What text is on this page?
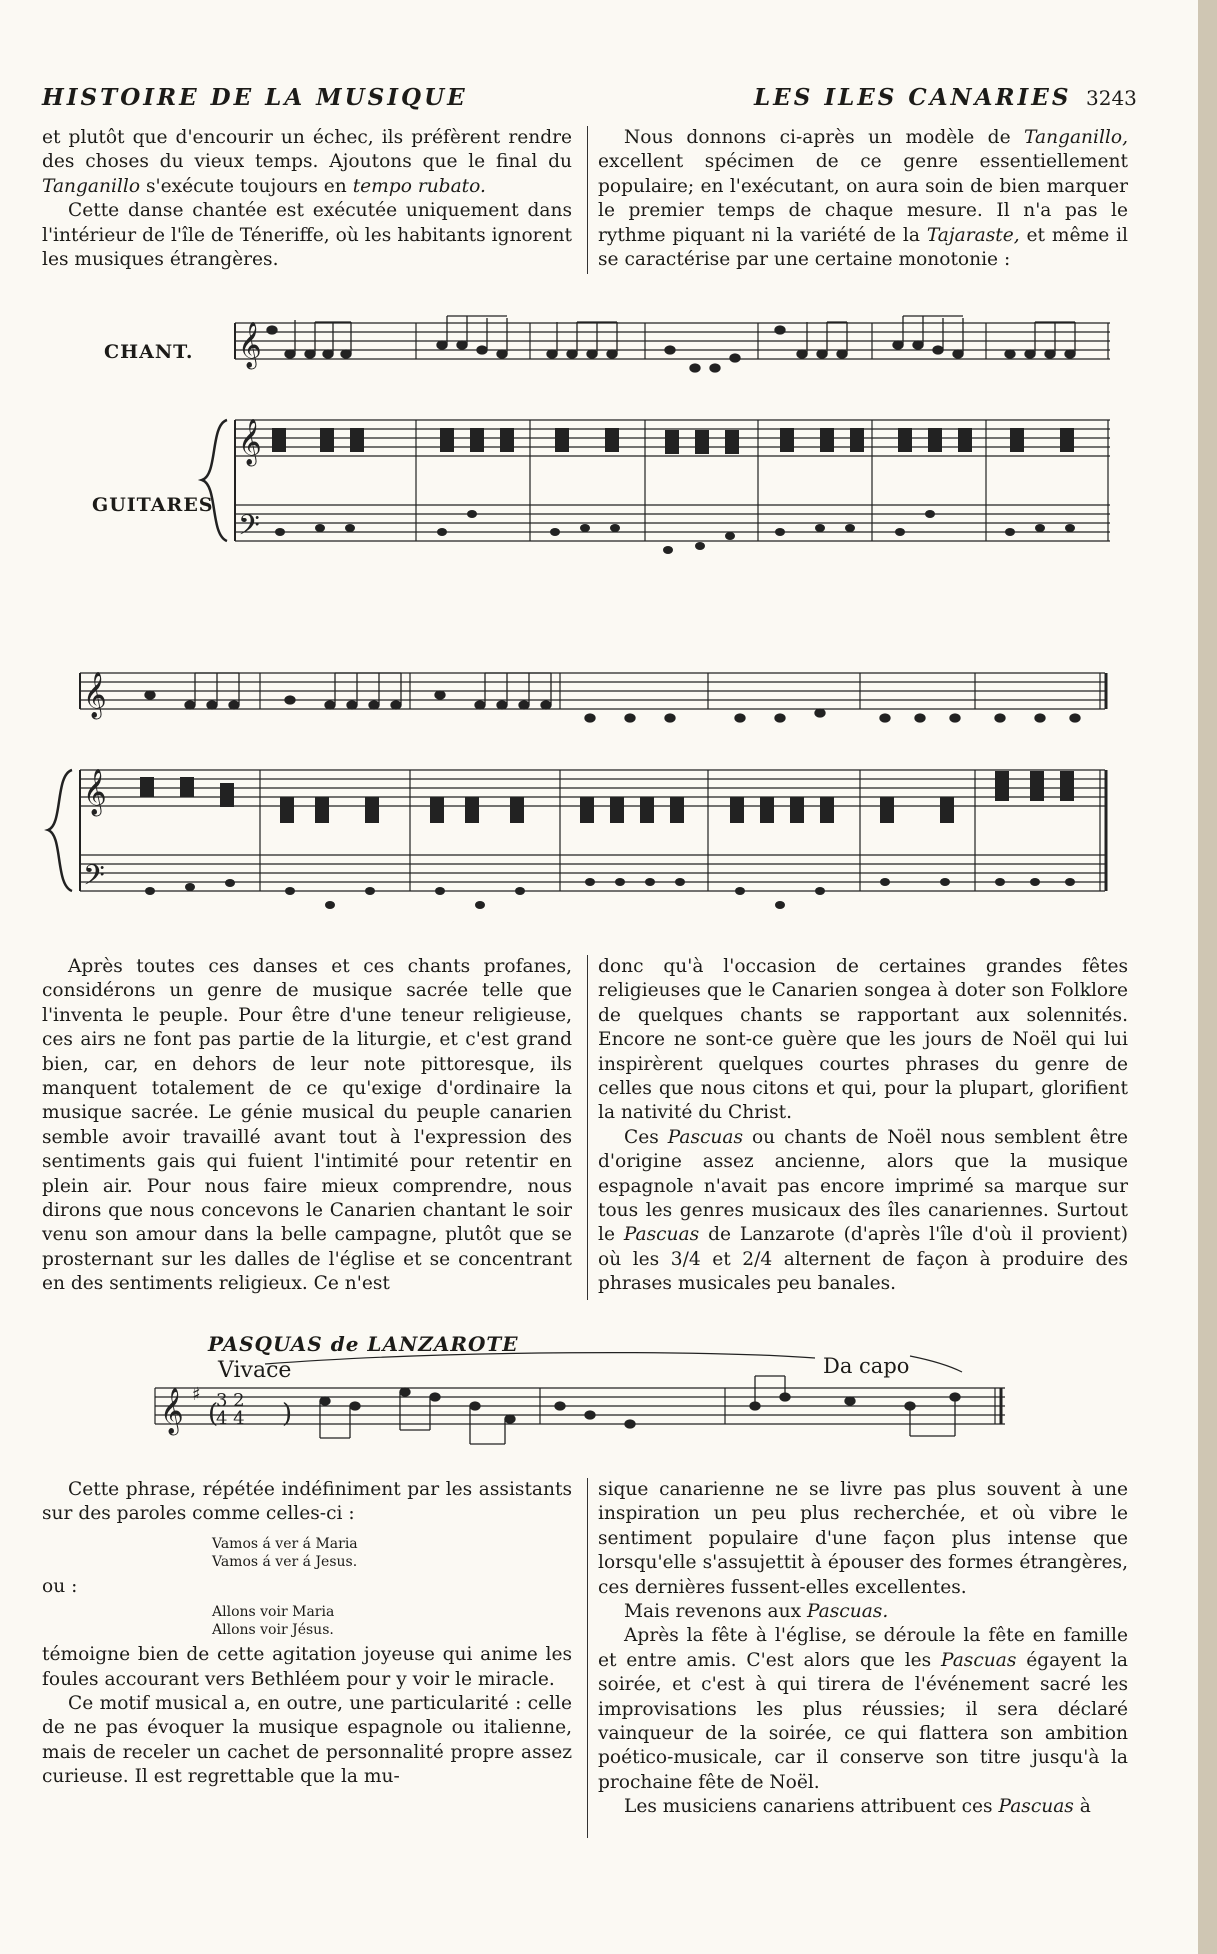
HISTOIRE DE LA MUSIQUE	LES ILES CANARIES 3243

et plutôt que d'encourir un échec, ils préfèrent rendre des choses du vieux temps. Ajoutons que le final du Tanganillo s'exécute toujours en tempo rubato.

Cette danse chantée est exécutée uniquement dans l'intérieur de l'île de Téneriffe, où les habitants ignorent les musiques étrangères.

Nous donnons ci-après un modèle de Tanganillo, excellent spécimen de ce genre essentiellement populaire; en l'exécutant, on aura soin de bien marquer le premier temps de chaque mesure. Il n'a pas le rythme piquant ni la variété de la Tajaraste, et même il se caractérise par une certaine monotonie :

CHANT.
GUITARES
𝄞
𝄞
𝄢
𝄞
𝄞
𝄢

Après toutes ces danses et ces chants profanes, considérons un genre de musique sacrée telle que l'inventa le peuple. Pour être d'une teneur religieuse, ces airs ne font pas partie de la liturgie, et c'est grand bien, car, en dehors de leur note pittoresque, ils manquent totalement de ce qu'exige d'ordinaire la musique sacrée. Le génie musical du peuple canarien semble avoir travaillé avant tout à l'expression des sentiments gais qui fuient l'intimité pour retentir en plein air. Pour nous faire mieux comprendre, nous dirons que nous concevons le Canarien chantant le soir venu son amour dans la belle campagne, plutôt que se prosternant sur les dalles de l'église et se concentrant en des sentiments religieux. Ce n'est

donc qu'à l'occasion de certaines grandes fêtes religieuses que le Canarien songea à doter son Folklore de quelques chants se rapportant aux solennités. Encore ne sont-ce guère que les jours de Noël qui lui inspirèrent quelques courtes phrases du genre de celles que nous citons et qui, pour la plupart, glorifient la nativité du Christ.

Ces Pascuas ou chants de Noël nous semblent être d'origine assez ancienne, alors que la musique espagnole n'avait pas encore imprimé sa marque sur tous les genres musicaux des îles canariennes. Surtout le Pascuas de Lanzarote (d'après l'île d'où il provient) où les 3/4 et 2/4 alternent de façon à produire des phrases musicales peu banales.

PASQUAS de LANZAROTE
Vivace	Da capo
𝄞 ♯ 3 2
4 4
( )

Cette phrase, répétée indéfiniment par les assistants sur des paroles comme celles-ci :

Vamos á ver á Maria
Vamos á ver á Jesus.

ou :

Allons voir Maria
Allons voir Jésus.

témoigne bien de cette agitation joyeuse qui anime les foules accourant vers Bethléem pour y voir le miracle.

Ce motif musical a, en outre, une particularité : celle de ne pas évoquer la musique espagnole ou italienne, mais de receler un cachet de personnalité propre assez curieuse. Il est regrettable que la mu-

sique canarienne ne se livre pas plus souvent à une inspiration un peu plus recherchée, et où vibre le sentiment populaire d'une façon plus intense que lorsqu'elle s'assujettit à épouser des formes étrangères, ces dernières fussent-elles excellentes.

Mais revenons aux Pascuas.

Après la fête à l'église, se déroule la fête en famille et entre amis. C'est alors que les Pascuas égayent la soirée, et c'est à qui tirera de l'événement sacré les improvisations les plus réussies; il sera déclaré vainqueur de la soirée, ce qui flattera son ambition poético-musicale, car il conserve son titre jusqu'à la prochaine fête de Noël.

Les musiciens canariens attribuent ces Pascuas à
